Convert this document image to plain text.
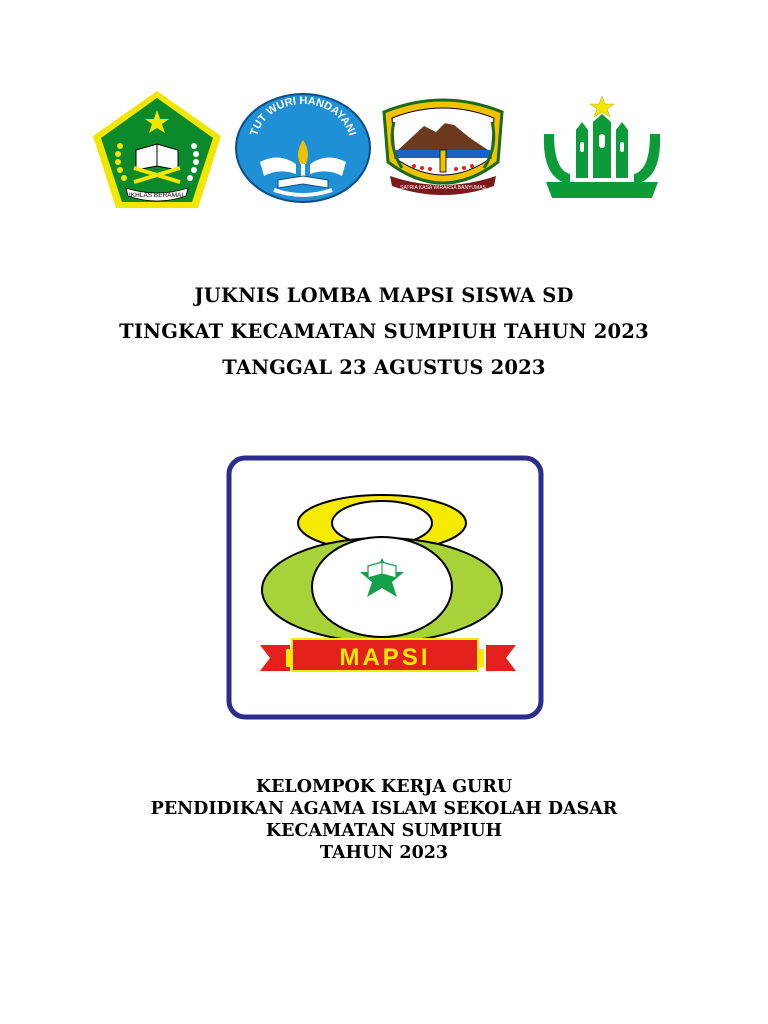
IKHLAS BERAMAL
TUT WURI HANDAYANI
SATRIA KASA WIRARSA BANYUMAS
JUKNIS LOMBA MAPSI SISWA SD
TINGKAT KECAMATAN SUMPIUH TAHUN 2023
TANGGAL 23 AGUSTUS 2023
MAPSI
KELOMPOK KERJA GURU
PENDIDIKAN AGAMA ISLAM SEKOLAH DASAR
KECAMATAN SUMPIUH
TAHUN 2023
